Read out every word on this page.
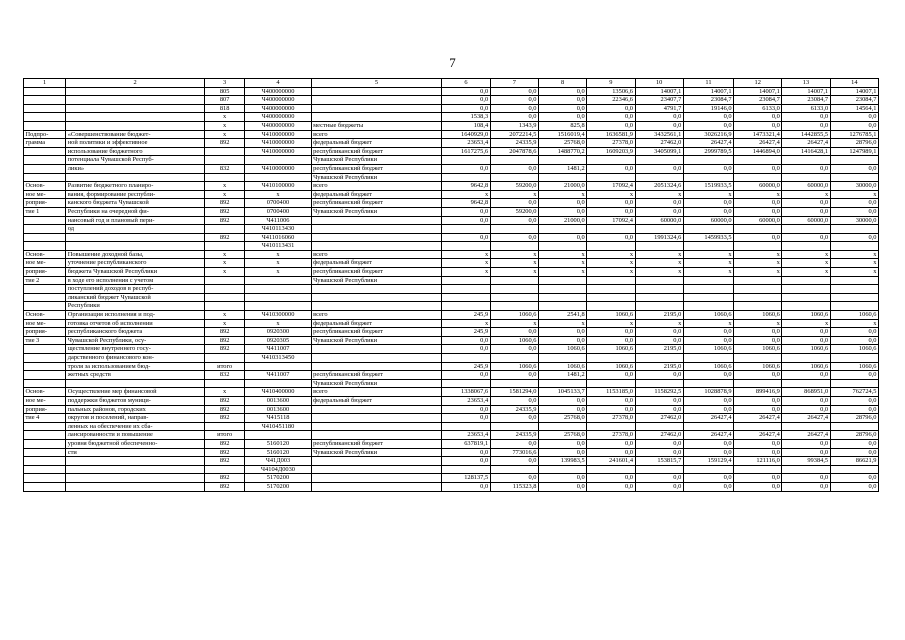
7
1	2	3	4	5	6	7	8	9	10	11	12	13	14
		805	Ч400000000		0,0	0,0	0,0	13506,6	14007,1	14007,1	14007,1	14007,1	14007,1
		807	Ч400000000		0,0	0,0	0,0	22346,6	23407,7	23084,7	23084,7	23084,7	23084,7
		818	Ч400000000		0,0	0,0	0,0	0,0	4791,7	19146,0	6133,0	6133,0	14564,1
		x	Ч400000000		1538,3	0,0	0,0	0,0	0,0	0,0	0,0	0,0	0,0
		x	Ч400000000	местные бюджеты	108,4	1343,9	825,8	0,0	0,0	0,0	0,0	0,0	0,0
Подпро-	«Совершенствование бюджет-	x	Ч410000000	всего	1640929,0	2072214,5	1516019,4	1636581,9	3432561,1	3026216,9	1473321,4	1442855,5	1276785,1
грамма	ной политики и эффективное	892	Ч410000000	федеральный бюджет	23653,4	24335,9	25768,0	27378,0	27462,0	26427,4	26427,4	26427,4	28796,0
	использование бюджетного		Ч410000000	республиканский бюджет	1617275,6	2047878,6	1488770,2	1609203,9	3405099,1	2999789,5	1446894,0	1416428,1	1247989,1
	потенциала Чувашской Респуб-			Чувашской Республики									
	лики»	832	Ч410000000	республиканский бюджет	0,0	0,0	1481,2	0,0	0,0	0,0	0,0	0,0	0,0
				Чувашской Республики									
Основ-	Развитие бюджетного планиро-	x	Ч410100000	всего	9642,8	59200,0	21000,0	17092,4	2051324,6	1519933,5	60000,0	60000,0	30000,0
ное ме-	вания, формирование республи-	x	x	федеральный бюджет	x	x	x	x	x	x	x	x	x
роприя-	канского бюджета Чувашской	892	0700400	республиканский бюджет	9642,8	0,0	0,0	0,0	0,0	0,0	0,0	0,0	0,0
тие 1	Республики на очередной фи-	892	0700400	Чувашской Республики	0,0	59200,0	0,0	0,0	0,0	0,0	0,0	0,0	0,0
	нансовый год и плановый пери-	892	Ч411006		0,0	0,0	21000,0	17092,4	60000,0	60000,0	60000,0	60000,0	30000,0
	од		Ч410113430										
		892	Ч411016060		0,0	0,0	0,0	0,0	1991324,6	1459933,5	0,0	0,0	0,0
			Ч410113431										
Основ-	Повышение доходной базы,	x	x	всего	x	x	x	x	x	x	x	x	x
ное ме-	уточнение республиканского	x	x	федеральный бюджет	x	x	x	x	x	x	x	x	x
роприя-	бюджета Чувашской Республики	x	x	республиканский бюджет	x	x	x	x	x	x	x	x	x
тие 2	в ходе его исполнения с учетом			Чувашской Республики									
	поступлений доходов в респуб-												
	ликанский бюджет Чувашской												
	Республики												
Основ-	Организация исполнения и под-	x	Ч410300000	всего	245,9	1060,6	2541,8	1060,6	2195,0	1060,6	1060,6	1060,6	1060,6
ное ме-	готовка отчетов об исполнении	x	x	федеральный бюджет	x	x	x	x	x	x	x	x	x
роприя-	республиканского бюджета	892	0920300	республиканский бюджет	245,9	0,0	0,0	0,0	0,0	0,0	0,0	0,0	0,0
тие 3	Чувашской Республики, осу-	892	0920305	Чувашской Республики	0,0	1060,6	0,0	0,0	0,0	0,0	0,0	0,0	0,0
	ществление внутреннего госу-	892	Ч411007		0,0	0,0	1060,6	1060,6	2195,0	1060,6	1060,6	1060,6	1060,6
	дарственного финансового кон-		Ч410313450										
	троля за использованием бюд-	итого			245,9	1060,6	1060,6	1060,6	2195,0	1060,6	1060,6	1060,6	1060,6
	жетных средств	832	Ч411007	республиканский бюджет	0,0	0,0	1481,2	0,0	0,0	0,0	0,0	0,0	0,0
				Чувашской Республики									
Основ-	Осуществление мер финансовой	x	Ч410400000	всего	1338067,6	1581294,0	1045133,7	1153185,0	1158292,5	1028878,9	899416,9	868951,0	762724,5
ное ме-	поддержки бюджетов муници-	892	0013600	федеральный бюджет	23653,4	0,0	0,0	0,0	0,0	0,0	0,0	0,0	0,0
роприя-	пальных районов, городских	892	0013600		0,0	24335,9	0,0	0,0	0,0	0,0	0,0	0,0	0,0
тие 4	округов и поселений, направ-	892	Ч415118		0,0	0,0	25768,0	27378,0	27462,0	26427,4	26427,4	26427,4	28796,0
	ленных на обеспечение их сба-		Ч410451180										
	лансированности и повышение	итого			23653,4	24335,9	25768,0	27378,0	27462,0	26427,4	26427,4	26427,4	28796,0
	уровня бюджетной обеспеченно-	892	5160120	республиканский бюджет	637819,1	0,0	0,0	0,0	0,0	0,0	0,0	0,0	0,0
	сти	892	5160120	Чувашской Республики	0,0	773016,6	0,0	0,0	0,0	0,0	0,0	0,0	0,0
		892	Ч41Д003		0,0	0,0	139983,5	241601,4	153815,7	159129,4	121116,0	99384,5	86621,9
			Ч4104Д0030										
		892	5170200		128137,5	0,0	0,0	0,0	0,0	0,0	0,0	0,0	0,0
		892	5170200		0,0	115323,8	0,0	0,0	0,0	0,0	0,0	0,0	0,0
